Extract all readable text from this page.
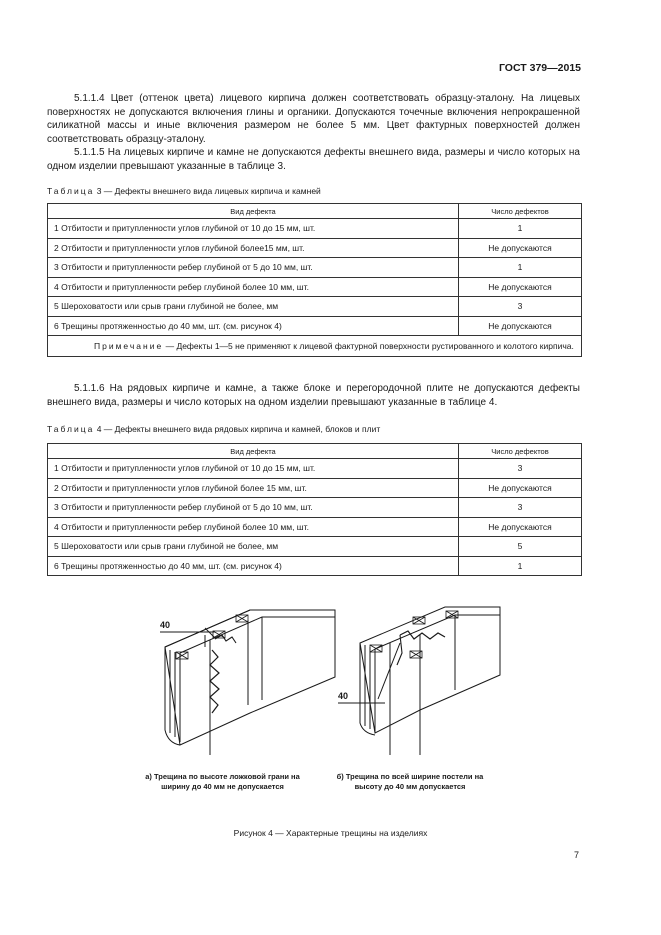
ГОСТ 379—2015

5.1.1.4 Цвет (оттенок цвета) лицевого кирпича должен соответствовать образцу-эталону. На лицевых поверхностях не допускаются включения глины и органики. Допускаются точечные включения непрокрашенной силикатной массы и иные включения размером не более 5 мм. Цвет фактурных поверхностей должен соответствовать образцу-эталону.

5.1.1.5 На лицевых кирпиче и камне не допускаются дефекты внешнего вида, размеры и число которых на одном изделии превышают указанные в таблице 3.

Таблица 3 — Дефекты внешнего вида лицевых кирпича и камней
Вид дефекта	Число дефектов
1 Отбитости и притупленности углов глубиной от 10 до 15 мм, шт.	1
2 Отбитости и притупленности углов глубиной более15 мм, шт.	Не допускаются
3 Отбитости и притупленности ребер глубиной от 5 до 10 мм, шт.	1
4 Отбитости и притупленности ребер глубиной более 10 мм, шт.	Не допускаются
5 Шероховатости или срыв грани глубиной не более, мм	3
6 Трещины протяженностью до 40 мм, шт. (см. рисунок 4)	Не допускаются
Примечание — Дефекты 1—5 не применяют к лицевой фактурной поверхности рустированного и колотого кирпича.	

5.1.1.6 На рядовых кирпиче и камне, а также блоке и перегородочной плите не допускаются дефекты внешнего вида, размеры и число которых на одном изделии превышают указанные в таблице 4.

Таблица 4 — Дефекты внешнего вида рядовых кирпича и камней, блоков и плит
Вид дефекта	Число дефектов
1 Отбитости и притупленности углов глубиной от 10 до 15 мм, шт.	3
2 Отбитости и притупленности углов глубиной более 15 мм, шт.	Не допускаются
3 Отбитости и притупленности ребер глубиной от 5 до 10 мм, шт.	3
4 Отбитости и притупленности ребер глубиной более 10 мм, шт.	Не допускаются
5 Шероховатости или срыв грани глубиной не более, мм	5
6 Трещины протяженностью до 40 мм, шт. (см. рисунок 4)	1
40
40
а) Трещина по высоте ложковой грани на ширину до 40 мм не допускается
б) Трещина по всей ширине постели на высоту до 40 мм допускается
Рисунок 4 — Характерные трещины на изделиях
7
